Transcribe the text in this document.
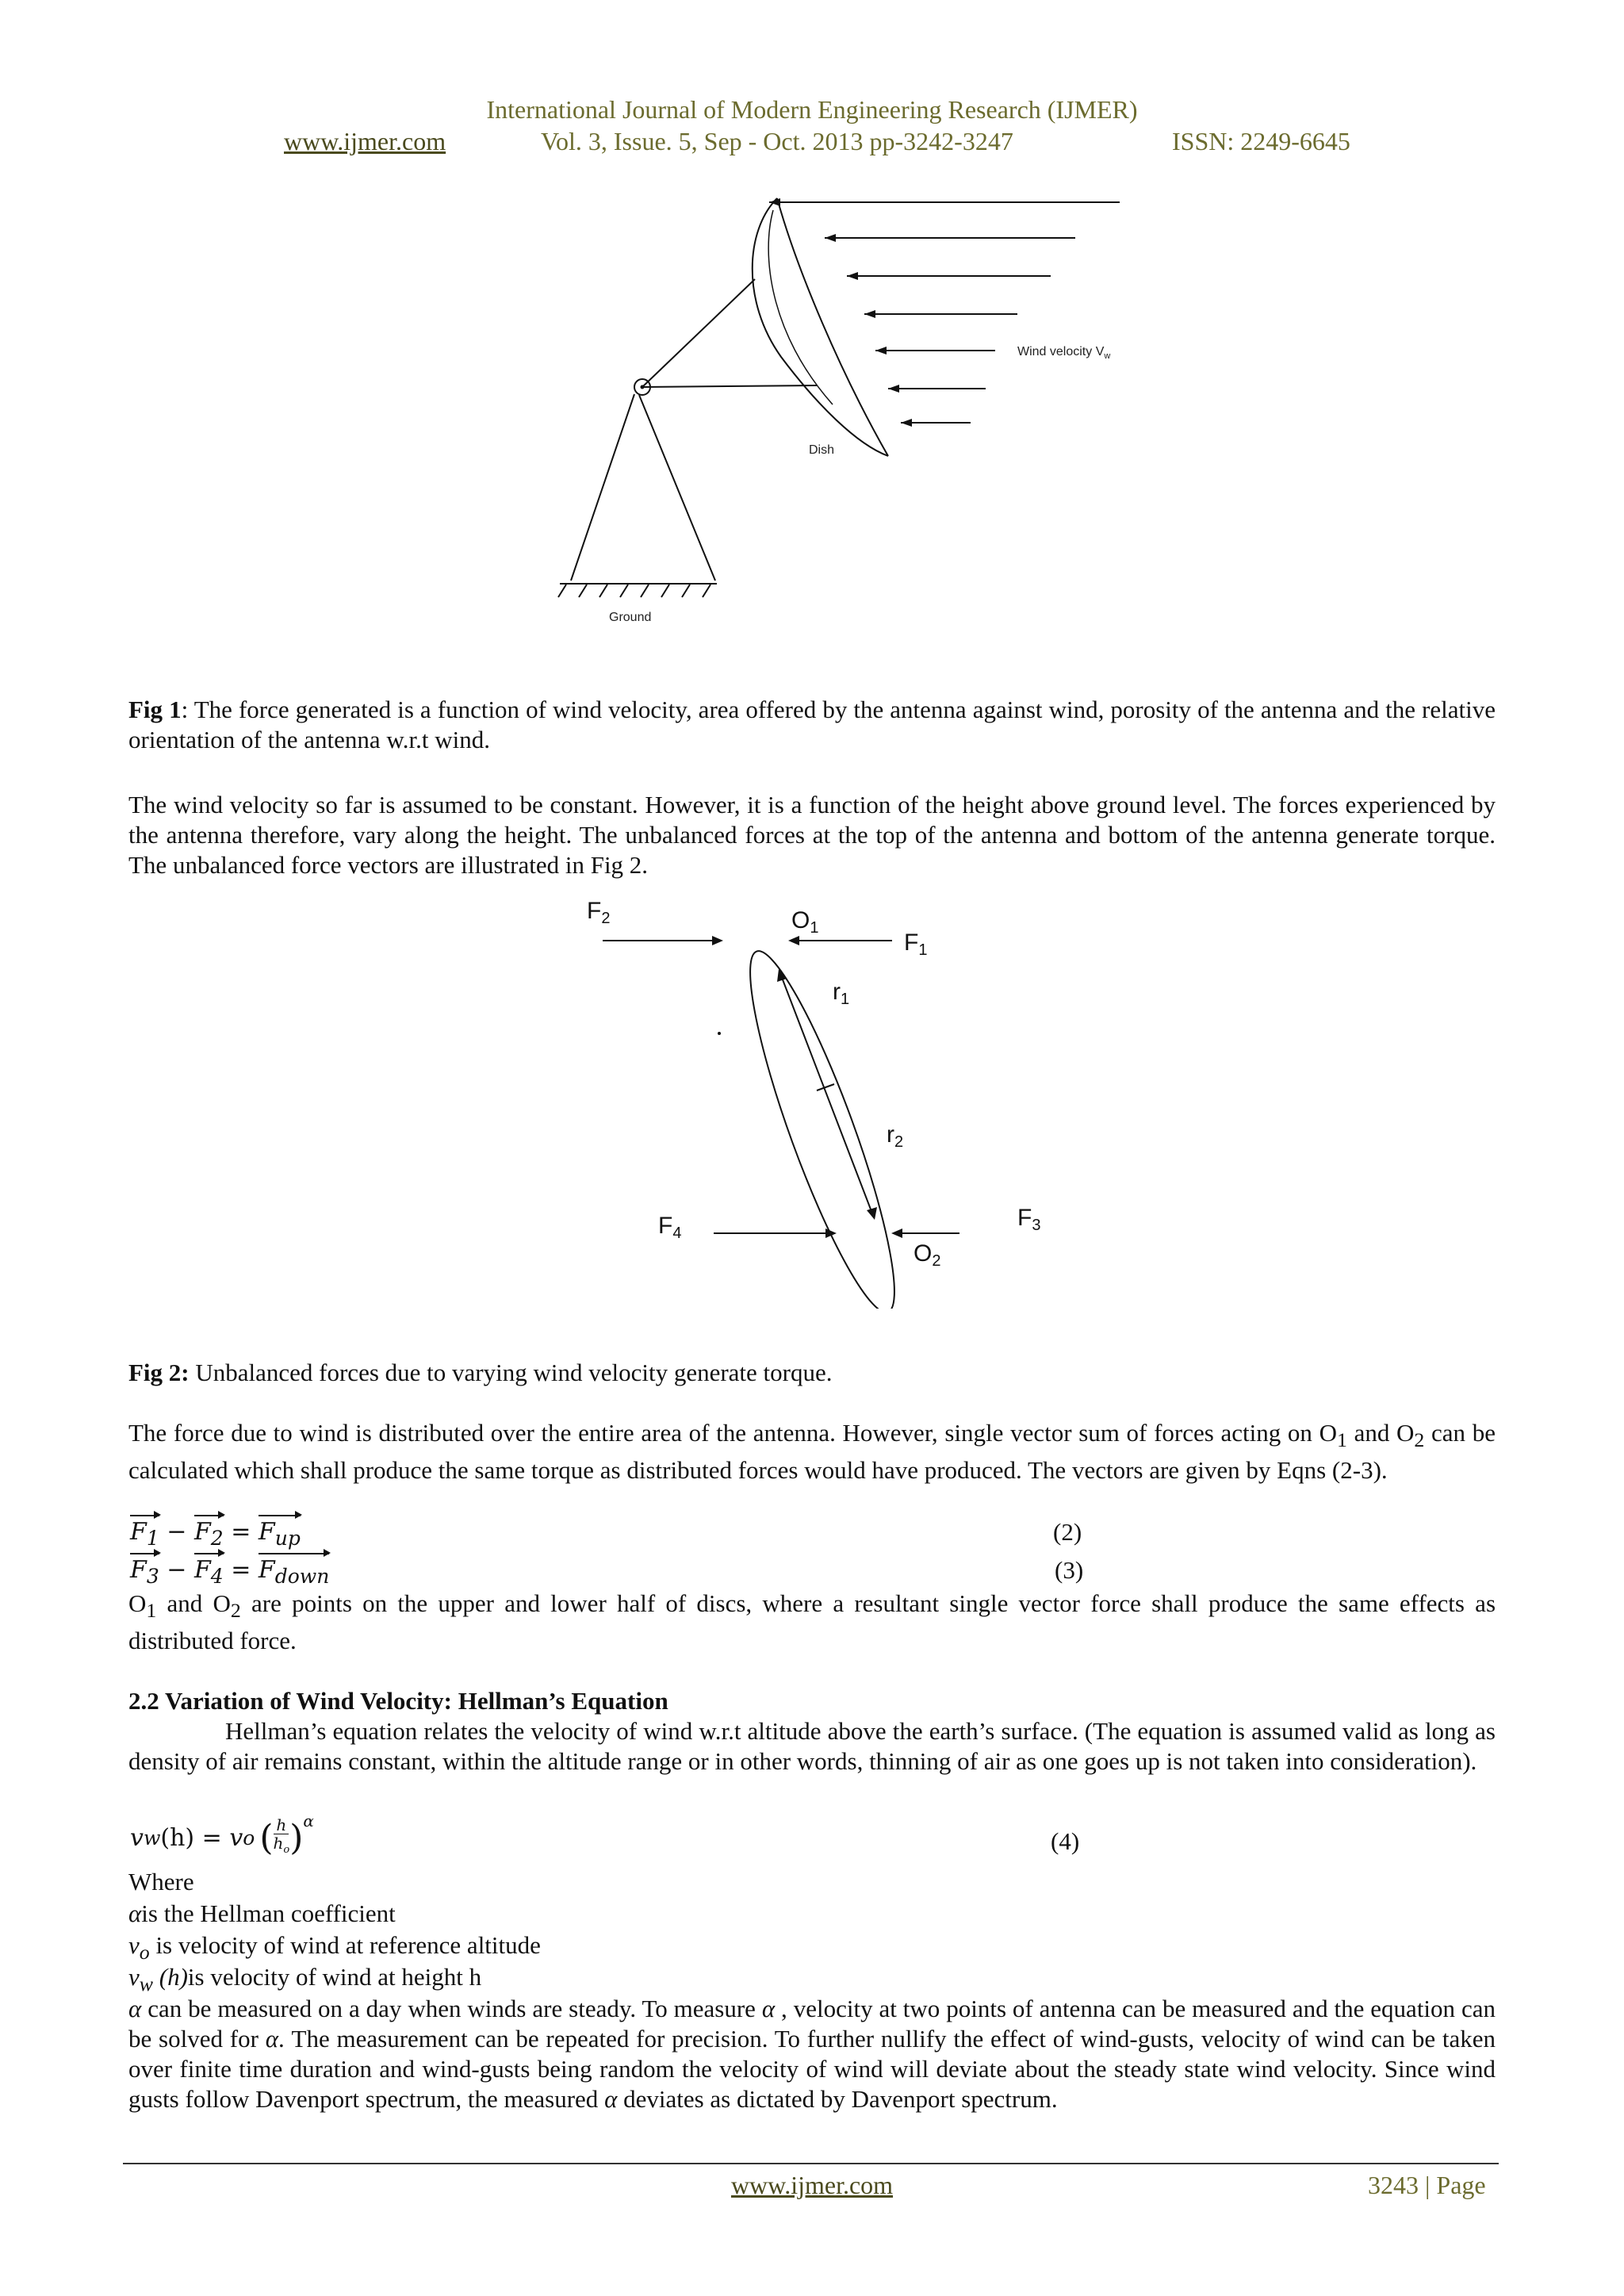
International Journal of Modern Engineering Research (IJMER)
www.ijmer.com	Vol. 3, Issue. 5, Sep - Oct. 2013 pp-3242-3247	ISSN: 2249-6645
Wind velocity $V_w$
Dish
Ground
Fig 1: The force generated is a function of wind velocity, area offered by the antenna against wind, porosity of the antenna and the relative orientation of the antenna w.r.t wind.
The wind velocity so far is assumed to be constant. However, it is a function of the height above ground level. The forces experienced by the antenna therefore, vary along the height. The unbalanced forces at the top of the antenna and bottom of the antenna generate torque. The unbalanced force vectors are illustrated in Fig 2.
$F_2$	$O_1$
$F_1$
$r_1$
$r_2$
$F_3$
$F_4$
$O_2$
Fig 2: Unbalanced forces due to varying wind velocity generate torque.
The force due to wind is distributed over the entire area of the antenna. However, single vector sum of forces acting on $O_1$ and $O_2$ can be calculated which shall produce the same torque as distributed forces would have produced. The vectors are given by Eqns (2-3).
$F_1 - F_2 = F_{up}$	(2)
$F_3 - F_4 = F_{down}$	(3)
$O_1$ and $O_2$ are points on the upper and lower half of discs, where a resultant single vector force shall produce the same effects as distributed force.
2.2 Variation of Wind Velocity: Hellman’s Equation
Hellman’s equation relates the velocity of wind w.r.t altitude above the earth’s surface. (The equation is assumed valid as long as density of air remains constant, within the altitude range or in other words, thinning of air as one goes up is not taken into consideration).
v w (h) = v o ( h
$h_o$ )$^\alpha$
(4)
Where
αis the Hellman coefficient
$v_o$ is velocity of wind at reference altitude
$v_w$ (h)is velocity of wind at height h
α can be measured on a day when winds are steady. To measure α , velocity at two points of antenna can be measured and the equation can be solved for α. The measurement can be repeated for precision. To further nullify the effect of wind-gusts, velocity of wind can be taken over finite time duration and wind-gusts being random the velocity of wind will deviate about the steady state wind velocity. Since wind gusts follow Davenport spectrum, the measured α deviates as dictated by Davenport spectrum.
www.ijmer.com	3243 | Page
